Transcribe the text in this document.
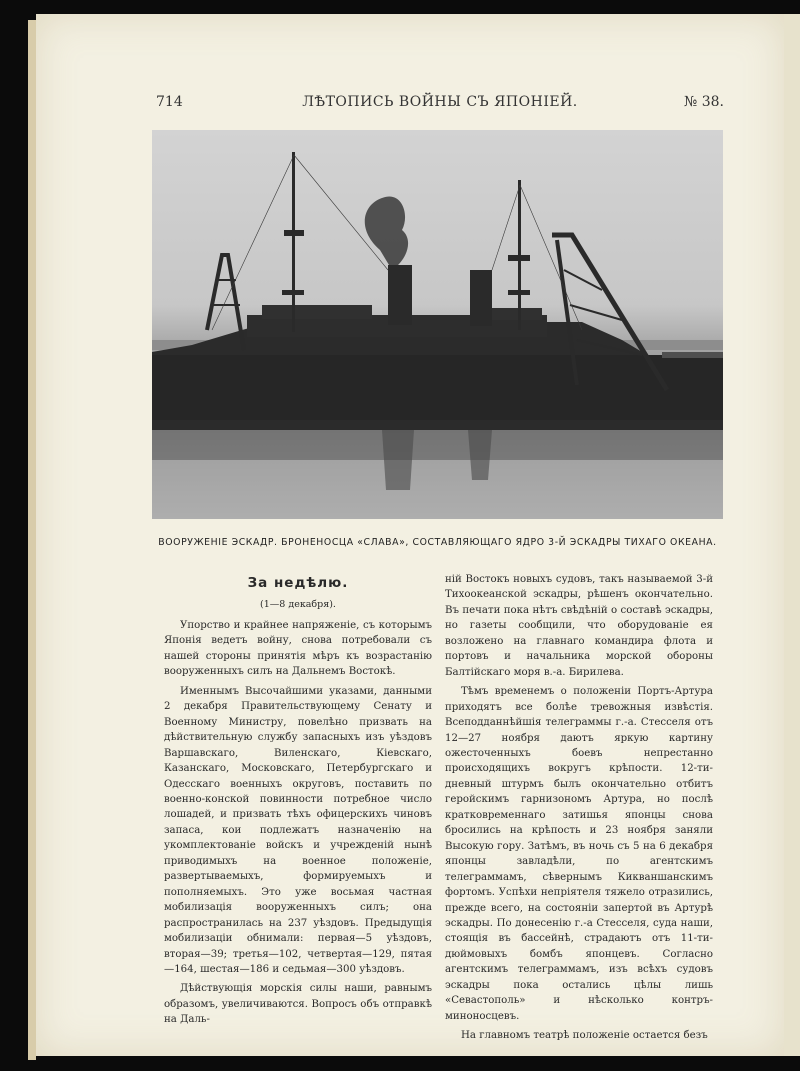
714	ЛѢТОПИСЬ ВОЙНЫ СЪ ЯПОНIЕЙ.	№ 38.
ВООРУЖЕНIЕ ЭСКАДР. БРОНЕНОСЦА «СЛАВА», СОСТАВЛЯЮЩАГО ЯДРО 3-Й ЭСКАДРЫ ТИХАГО ОКЕАНА.
За недѣлю.
(1—8 декабря).

Упорство и крайнее напряженiе, съ которымъ Японiя ведетъ войну, снова потребовали съ нашей стороны принятiя мѣръ къ возрастанiю вооруженныхъ силъ на Дальнемъ Востокѣ.

Именнымъ Высочайшими указами, данными 2 декабря Правительствующему Сенату и Военному Министру, повелѣно призвать на дѣйствительную службу запасныхъ изъ уѣздовъ Варшавскаго, Виленскаго, Кiевскаго, Казанскаго, Московскаго, Петербургскаго и Одесскаго военныхъ округовъ, поставить по военно-конской повинности потребное число лошадей, и призвать тѣхъ офицерскихъ чиновъ запаса, кои подлежатъ назначенiю на укомплектованiе войскъ и учрежденiй нынѣ приводимыхъ на военное положенiе, развертываемыхъ, формируемыхъ и пополняемыхъ. Это уже восьмая частная мобилизацiя вооруженныхъ силъ; она распространилась на 237 уѣздовъ. Предыдущiя мобилизацiи обнимали: первая—5 уѣздовъ, вторая—39; третья—102, четвертая—129, пятая—164, шестая—186 и седьмая—300 уѣздовъ.

Дѣйствующiя морскiя силы наши, равнымъ образомъ, увеличиваются. Вопросъ объ отправкѣ на Даль-

нiй Востокъ новыхъ судовъ, такъ называемой 3-й Тихоокеанской эскадры, рѣшенъ окончательно. Въ печати пока нѣтъ свѣдѣнiй о составѣ эскадры, но газеты сообщили, что оборудованiе ея возложено на главнаго командира флота и портовъ и начальника морской обороны Балтiйскаго моря в.-а. Бирилева.

Тѣмъ временемъ о положенiи Портъ-Артура приходятъ все болѣе тревожныя извѣстiя. Всеподданнѣйшiя телеграммы г.-а. Стесселя отъ 12—27 ноября даютъ яркую картину ожесточенныхъ боевъ непрестанно происходящихъ вокругъ крѣпости. 12-ти-дневный штурмъ былъ окончательно отбитъ геройскимъ гарнизономъ Артура, но послѣ кратковременнаго затишья японцы снова бросились на крѣпость и 23 ноября заняли Высокую гору. Затѣмъ, въ ночь съ 5 на 6 декабря японцы завладѣли, по агентскимъ телеграммамъ, сѣвернымъ Кикваншанскимъ фортомъ. Успѣхи непрiятеля тяжело отразились, прежде всего, на состоянiи запертой въ Артурѣ эскадры. По донесенiю г.-а Стесселя, суда наши, стоящiя въ бассейнѣ, страдаютъ отъ 11-ти-дюймовыхъ бомбъ японцевъ. Согласно агентскимъ телеграммамъ, изъ всѣхъ судовъ эскадры пока остались цѣлы лишь «Севастополь» и нѣсколько контръ-миноносцевъ.

На главномъ театрѣ положенiе остается безъ
